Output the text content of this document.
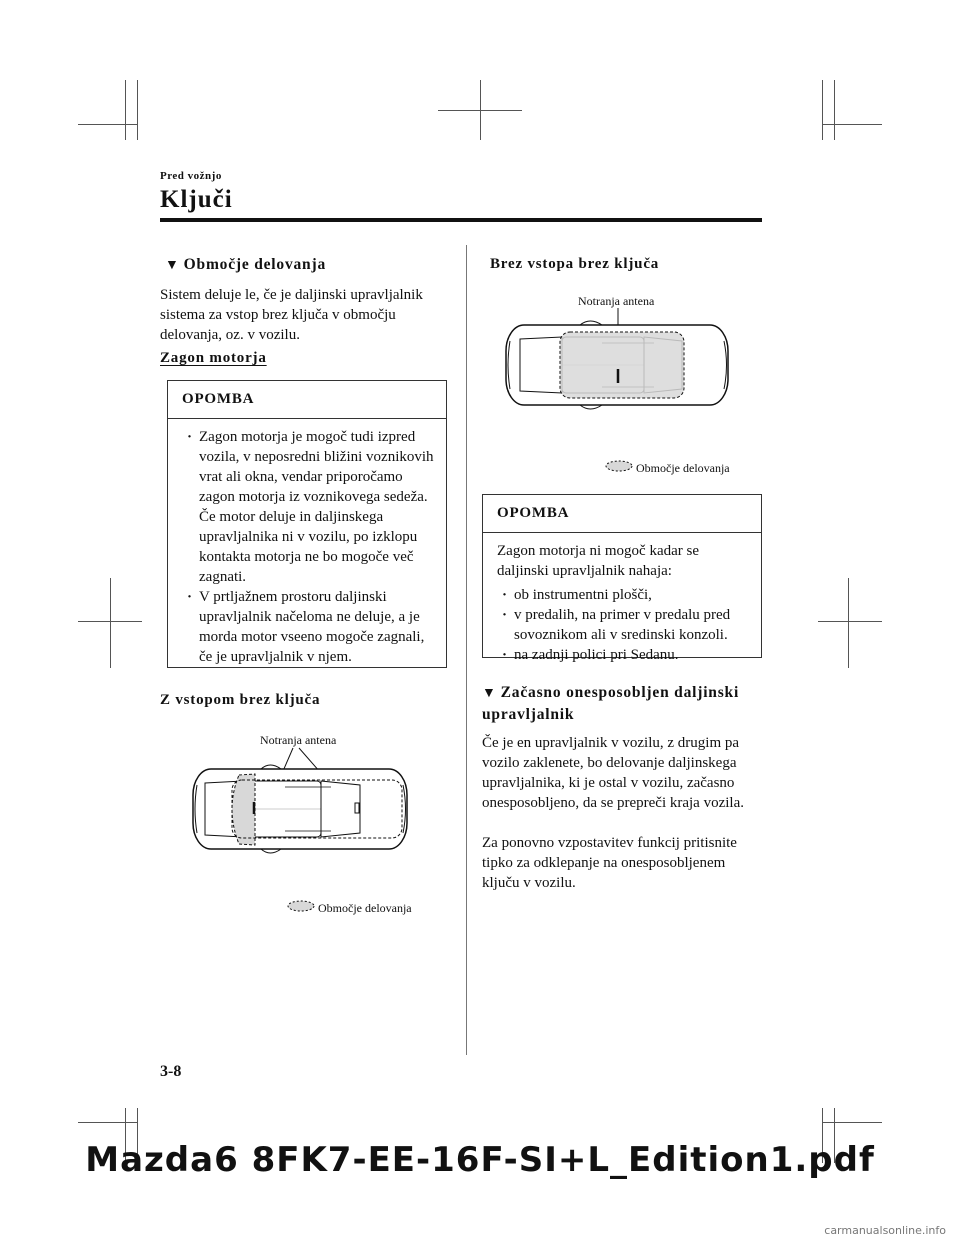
Pred vožnjo
Ključi
▼ Območje delovanja
Sistem deluje le, če je daljinski upravljalnik sistema za vstop brez ključa v območju delovanja, oz. v vozilu.
Zagon motorja
OPOMBA

· Zagon motorja je mogoč tudi izpred vozila, v neposredni bližini voznikovih vrat ali okna, vendar priporočamo zagon motorja iz voznikovega sedeža. Če motor deluje in daljinskega upravljalnika ni v vozilu, po izklopu kontakta motorja ne bo mogoče več zagnati.

· V prtljažnem prostoru daljinski upravljalnik načeloma ne deluje, a je morda motor vseeno mogoče zagnali, če je upravljalnik v njem.

Z vstopom brez ključa
Notranja antena
Območje delovanja
Brez vstopa brez ključa
Notranja antena
Območje delovanja
OPOMBA
Zagon motorja ni mogoč kadar se daljinski upravljalnik nahaja:

· ob instrumentni plošči,

· v predalih, na primer v predalu pred sovoznikom ali v sredinski konzoli.

· na zadnji polici pri Sedanu.

▼ Začasno onesposobljen daljinski upravljalnik
Če je en upravljalnik v vozilu, z drugim pa vozilo zaklenete, bo delovanje daljinskega upravljalnika, ki je ostal v vozilu, začasno onesposobljeno, da se prepreči kraja vozila.
Za ponovno vzpostavitev funkcij pritisnite tipko za odklepanje na onesposobljenem ključu v vozilu.
3-8
Mazda6 8FK7-EE-16F-SI+L_Edition1.pdf
carmanualsonline.info
